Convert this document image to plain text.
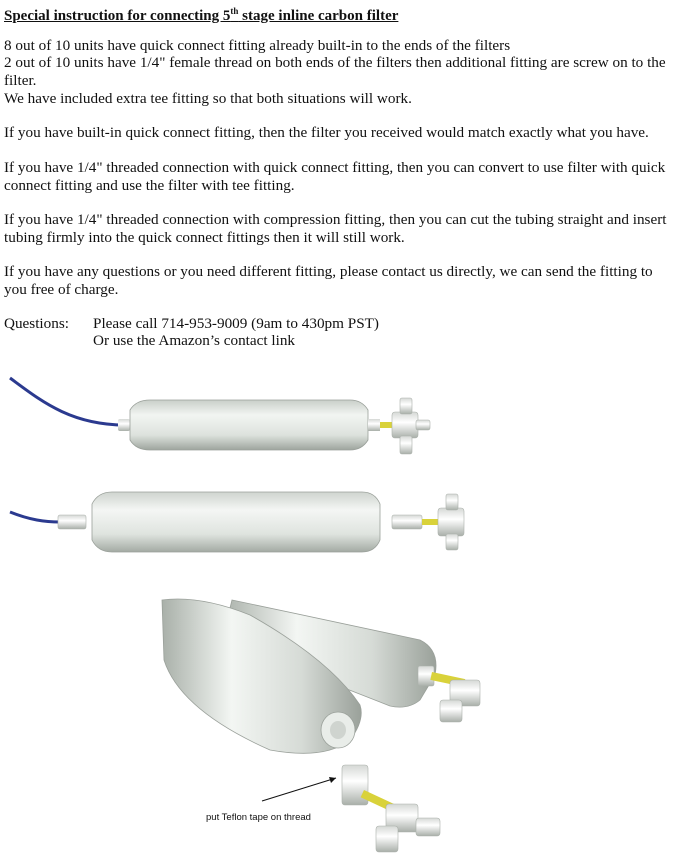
Special instruction for connecting 5th stage inline carbon filter
8 out of 10 units have quick connect fitting already built-in to the ends of the filters
2 out of 10 units have 1/4" female thread on both ends of the filters then additional fitting are screw on to the filter.
We have included extra tee fitting so that both situations will work.
If you have built-in quick connect fitting, then the filter you received would match exactly what you have.
If you have 1/4" threaded connection with quick connect fitting, then you can convert to use filter with quick connect fitting and use the filter with tee fitting.
If you have 1/4" threaded connection with compression fitting, then you can cut the tubing straight and insert tubing firmly into the quick connect fittings then it will still work.
If you have any questions or you need different fitting, please contact us directly, we can send the fitting to you free of charge.
Questions: Please call 714-953-9009 (9am to 430pm PST)
Or use the Amazon’s contact link
put Teflon tape on thread
